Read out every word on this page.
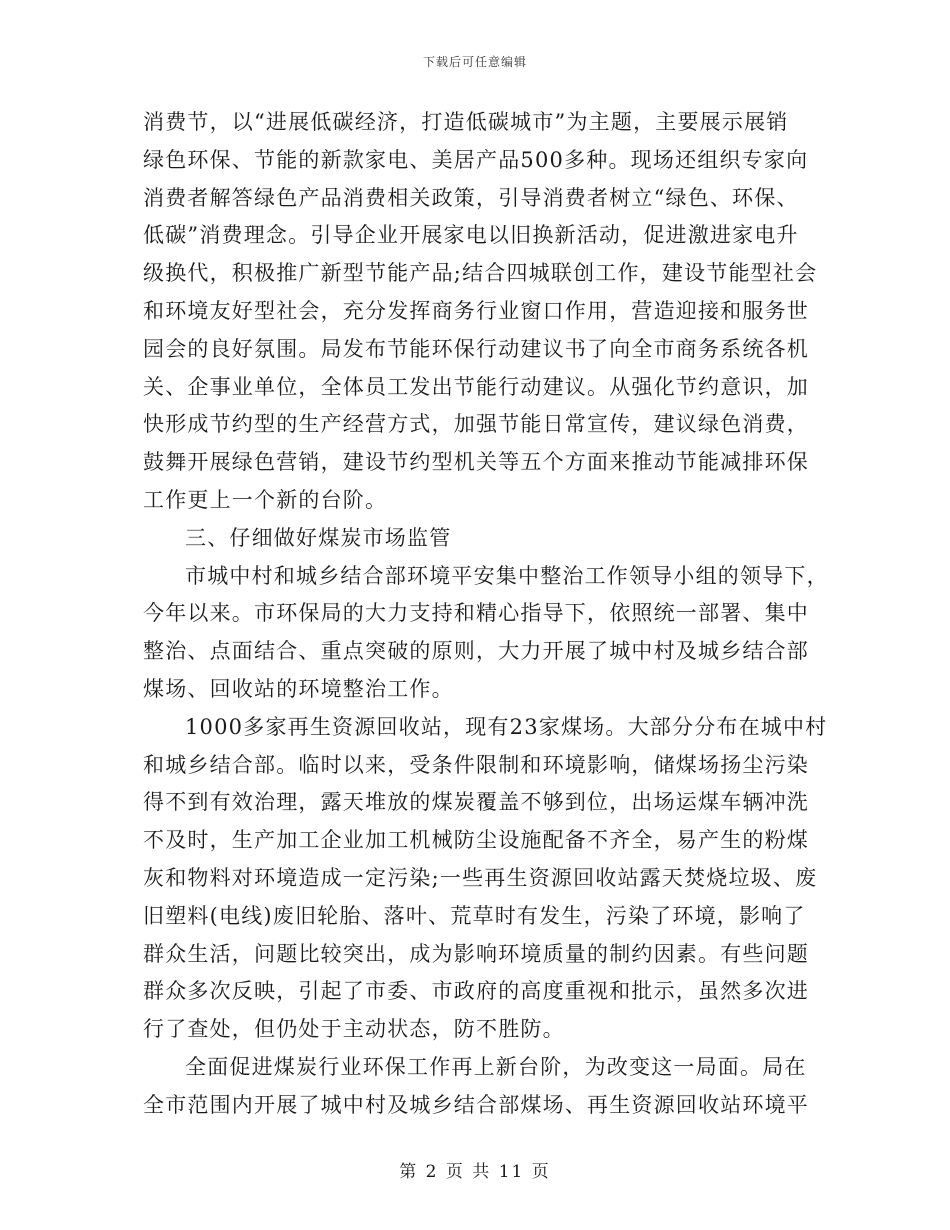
下载后可任意编辑
消费节，以“进展低碳经济，打造低碳城市”为主题，主要展示展销
绿色环保、节能的新款家电、美居产品500多种。现场还组织专家向
消费者解答绿色产品消费相关政策，引导消费者树立“绿色、环保、
低碳”消费理念。引导企业开展家电以旧换新活动，促进激进家电升
级换代，积极推广新型节能产品;结合四城联创工作，建设节能型社会
和环境友好型社会，充分发挥商务行业窗口作用，营造迎接和服务世
园会的良好氛围。局发布节能环保行动建议书了向全市商务系统各机
关、企事业单位，全体员工发出节能行动建议。从强化节约意识，加
快形成节约型的生产经营方式，加强节能日常宣传，建议绿色消费，
鼓舞开展绿色营销，建设节约型机关等五个方面来推动节能减排环保
工作更上一个新的台阶。
三、仔细做好煤炭市场监管
市城中村和城乡结合部环境平安集中整治工作领导小组的领导下，
今年以来。市环保局的大力支持和精心指导下，依照统一部署、集中
整治、点面结合、重点突破的原则，大力开展了城中村及城乡结合部
煤场、回收站的环境整治工作。
1000多家再生资源回收站，现有23家煤场。大部分分布在城中村
和城乡结合部。临时以来，受条件限制和环境影响，储煤场扬尘污染
得不到有效治理，露天堆放的煤炭覆盖不够到位，出场运煤车辆冲洗
不及时，生产加工企业加工机械防尘设施配备不齐全，易产生的粉煤
灰和物料对环境造成一定污染;一些再生资源回收站露天焚烧垃圾、废
旧塑料(电线)废旧轮胎、落叶、荒草时有发生，污染了环境，影响了
群众生活，问题比较突出，成为影响环境质量的制约因素。有些问题
群众多次反映，引起了市委、市政府的高度重视和批示，虽然多次进
行了查处，但仍处于主动状态，防不胜防。
全面促进煤炭行业环保工作再上新台阶，为改变这一局面。局在
全市范围内开展了城中村及城乡结合部煤场、再生资源回收站环境平
第 2 页 共 11 页
